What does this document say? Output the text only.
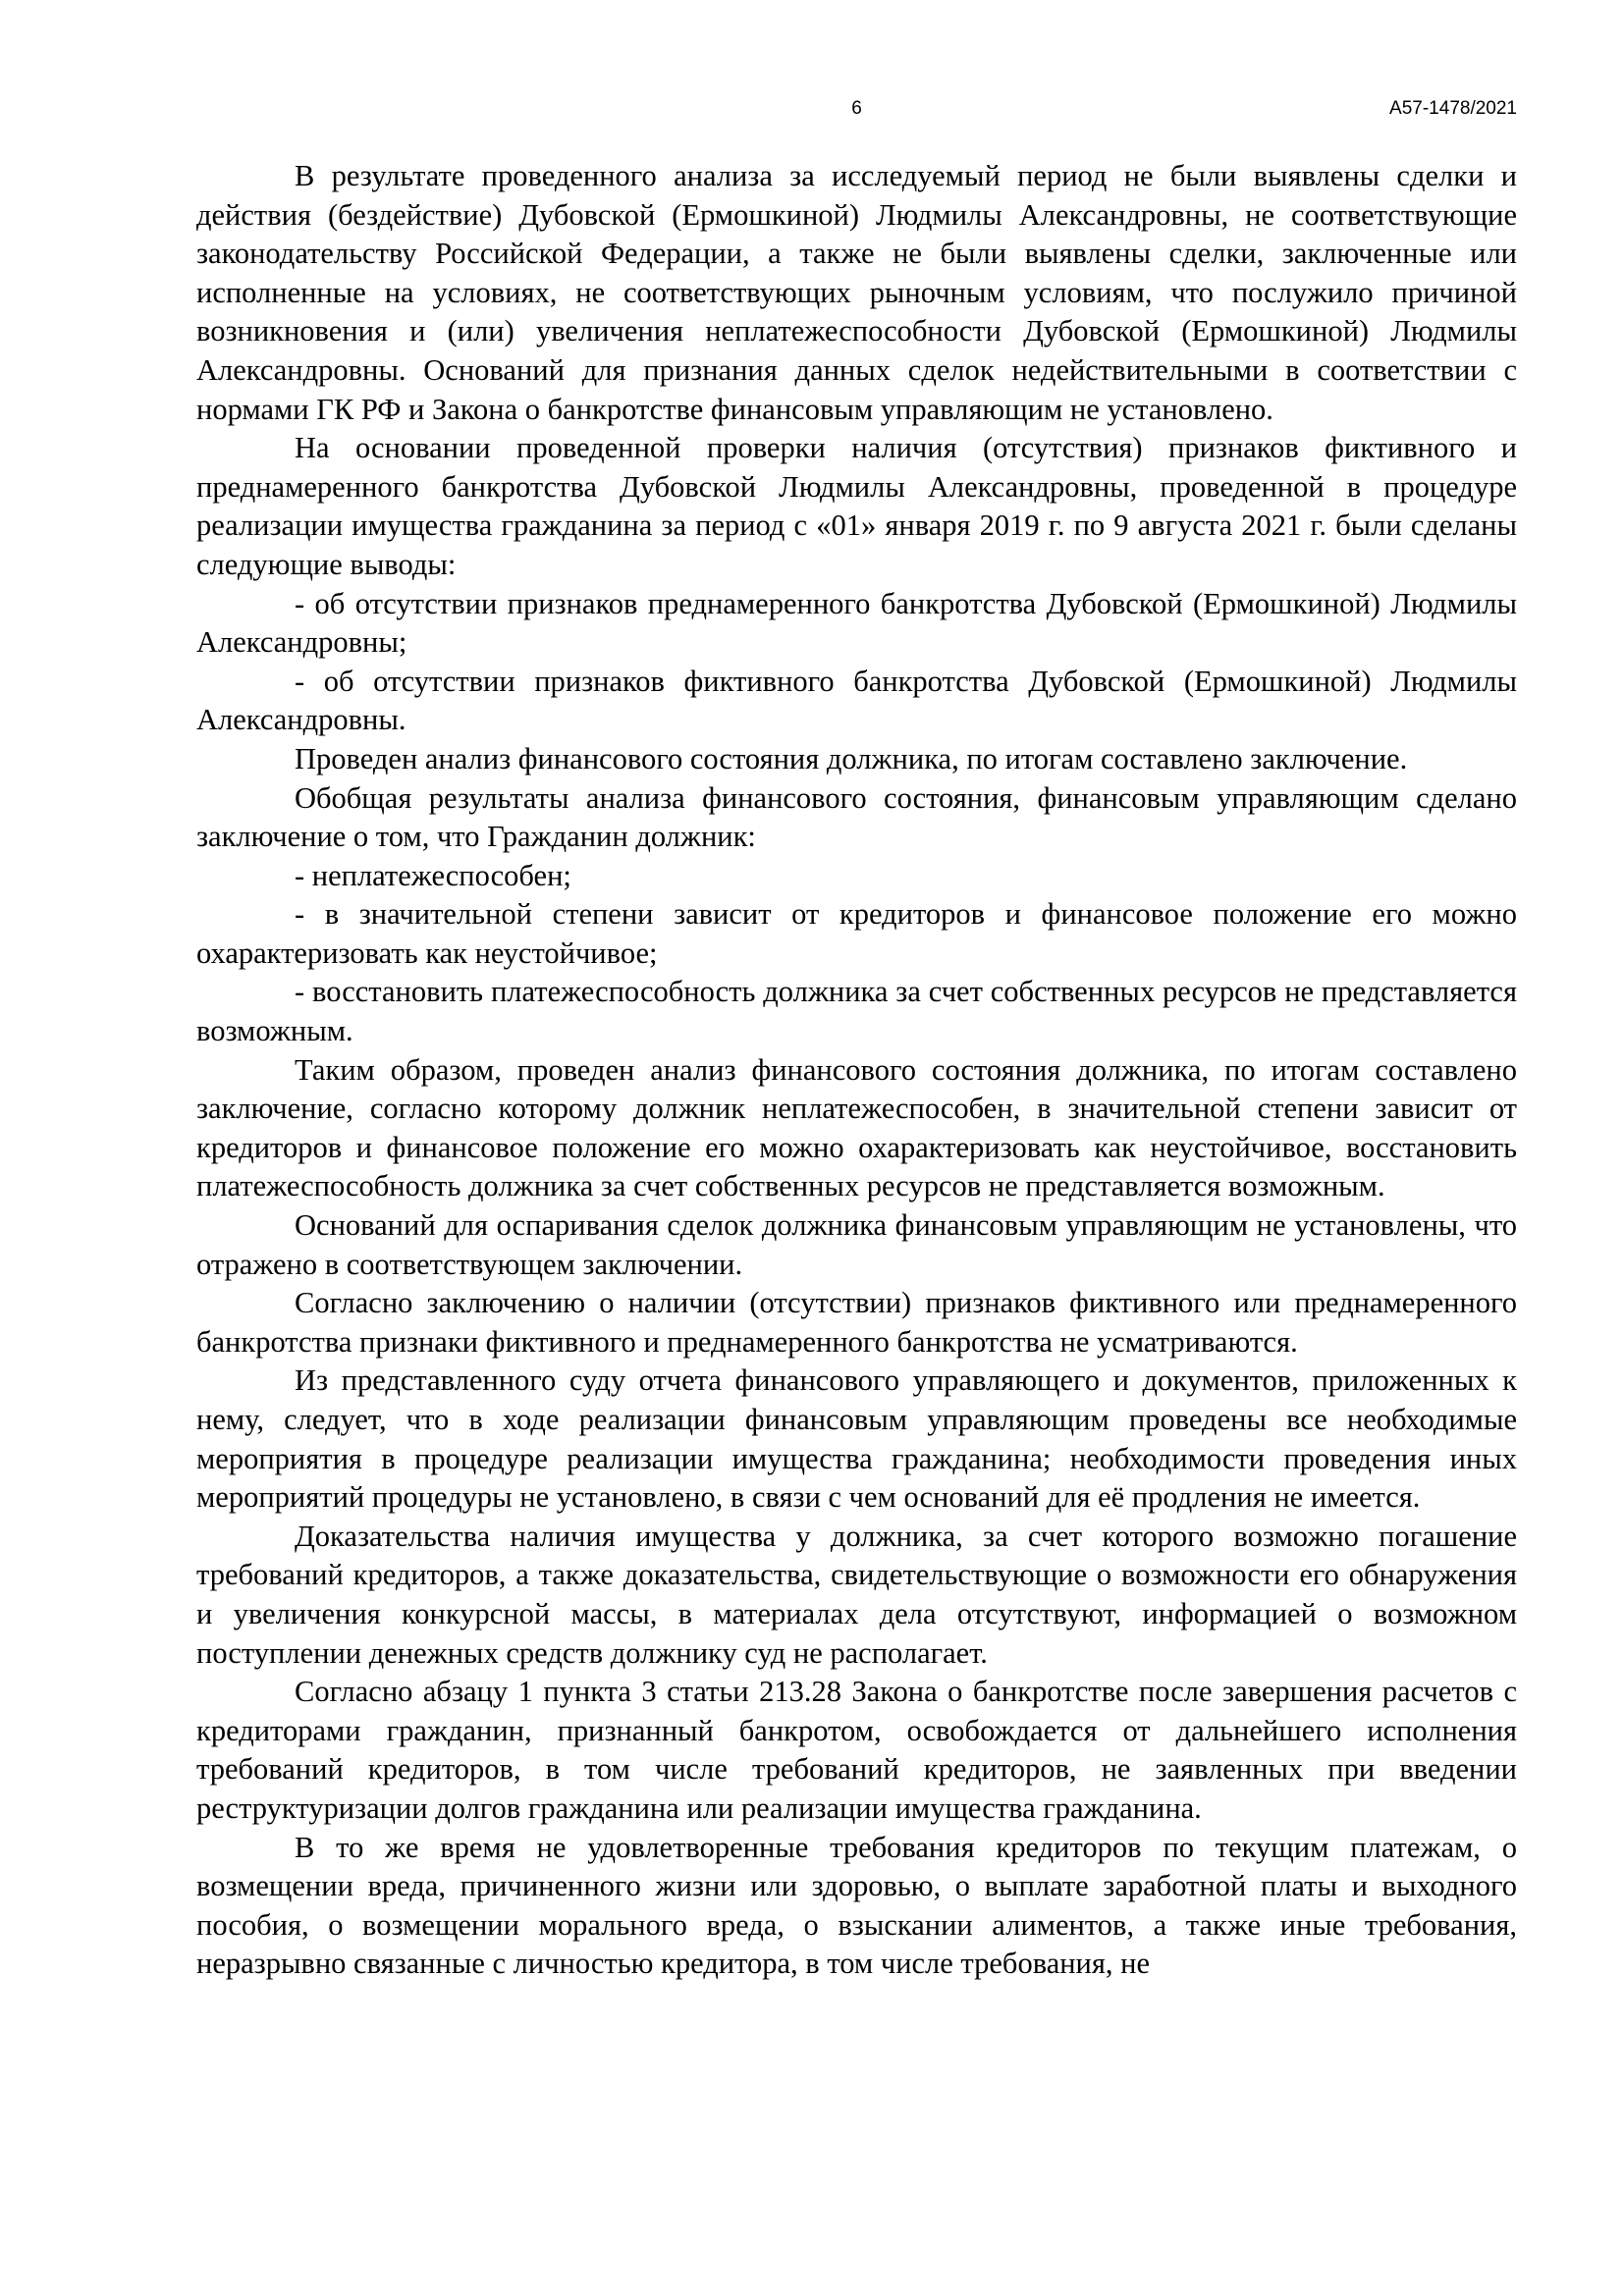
6	А57-1478/2021

В результате проведенного анализа за исследуемый период не были выявлены сделки и действия (бездействие) Дубовской (Ермошкиной) Людмилы Александровны, не соответствующие законодательству Российской Федерации, а также не были выявлены сделки, заключенные или исполненные на условиях, не соответствующих рыночным условиям, что послужило причиной возникновения и (или) увеличения неплатежеспособности Дубовской (Ермошкиной) Людмилы Александровны. Оснований для признания данных сделок недействительными в соответствии с нормами ГК РФ и Закона о банкротстве финансовым управляющим не установлено.

На основании проведенной проверки наличия (отсутствия) признаков фиктивного и преднамеренного банкротства Дубовской Людмилы Александровны, проведенной в процедуре реализации имущества гражданина за период с «01» января 2019 г. по 9 августа 2021 г. были сделаны следующие выводы:

- об отсутствии признаков преднамеренного банкротства Дубовской (Ермошкиной) Людмилы Александровны;

- об отсутствии признаков фиктивного банкротства Дубовской (Ермошкиной) Людмилы Александровны.

Проведен анализ финансового состояния должника, по итогам составлено заключение.

Обобщая результаты анализа финансового состояния, финансовым управляющим сделано заключение о том, что Гражданин должник:

- неплатежеспособен;

- в значительной степени зависит от кредиторов и финансовое положение его можно охарактеризовать как неустойчивое;

- восстановить платежеспособность должника за счет собственных ресурсов не представляется возможным.

Таким образом, проведен анализ финансового состояния должника, по итогам составлено заключение, согласно которому должник неплатежеспособен, в значительной степени зависит от кредиторов и финансовое положение его можно охарактеризовать как неустойчивое, восстановить платежеспособность должника за счет собственных ресурсов не представляется возможным.

Оснований для оспаривания сделок должника финансовым управляющим не установлены, что отражено в соответствующем заключении.

Согласно заключению о наличии (отсутствии) признаков фиктивного или преднамеренного банкротства признаки фиктивного и преднамеренного банкротства не усматриваются.

Из представленного суду отчета финансового управляющего и документов, приложенных к нему, следует, что в ходе реализации финансовым управляющим проведены все необходимые мероприятия в процедуре реализации имущества гражданина; необходимости проведения иных мероприятий процедуры не установлено, в связи с чем оснований для её продления не имеется.

Доказательства наличия имущества у должника, за счет которого возможно погашение требований кредиторов, а также доказательства, свидетельствующие о возможности его обнаружения и увеличения конкурсной массы, в материалах дела отсутствуют, информацией о возможном поступлении денежных средств должнику суд не располагает.

Согласно абзацу 1 пункта 3 статьи 213.28 Закона о банкротстве после завершения расчетов с кредиторами гражданин, признанный банкротом, освобождается от дальнейшего исполнения требований кредиторов, в том числе требований кредиторов, не заявленных при введении реструктуризации долгов гражданина или реализации имущества гражданина.

В то же время не удовлетворенные требования кредиторов по текущим платежам, о возмещении вреда, причиненного жизни или здоровью, о выплате заработной платы и выходного пособия, о возмещении морального вреда, о взыскании алиментов, а также иные требования, неразрывно связанные с личностью кредитора, в том числе требования, не
